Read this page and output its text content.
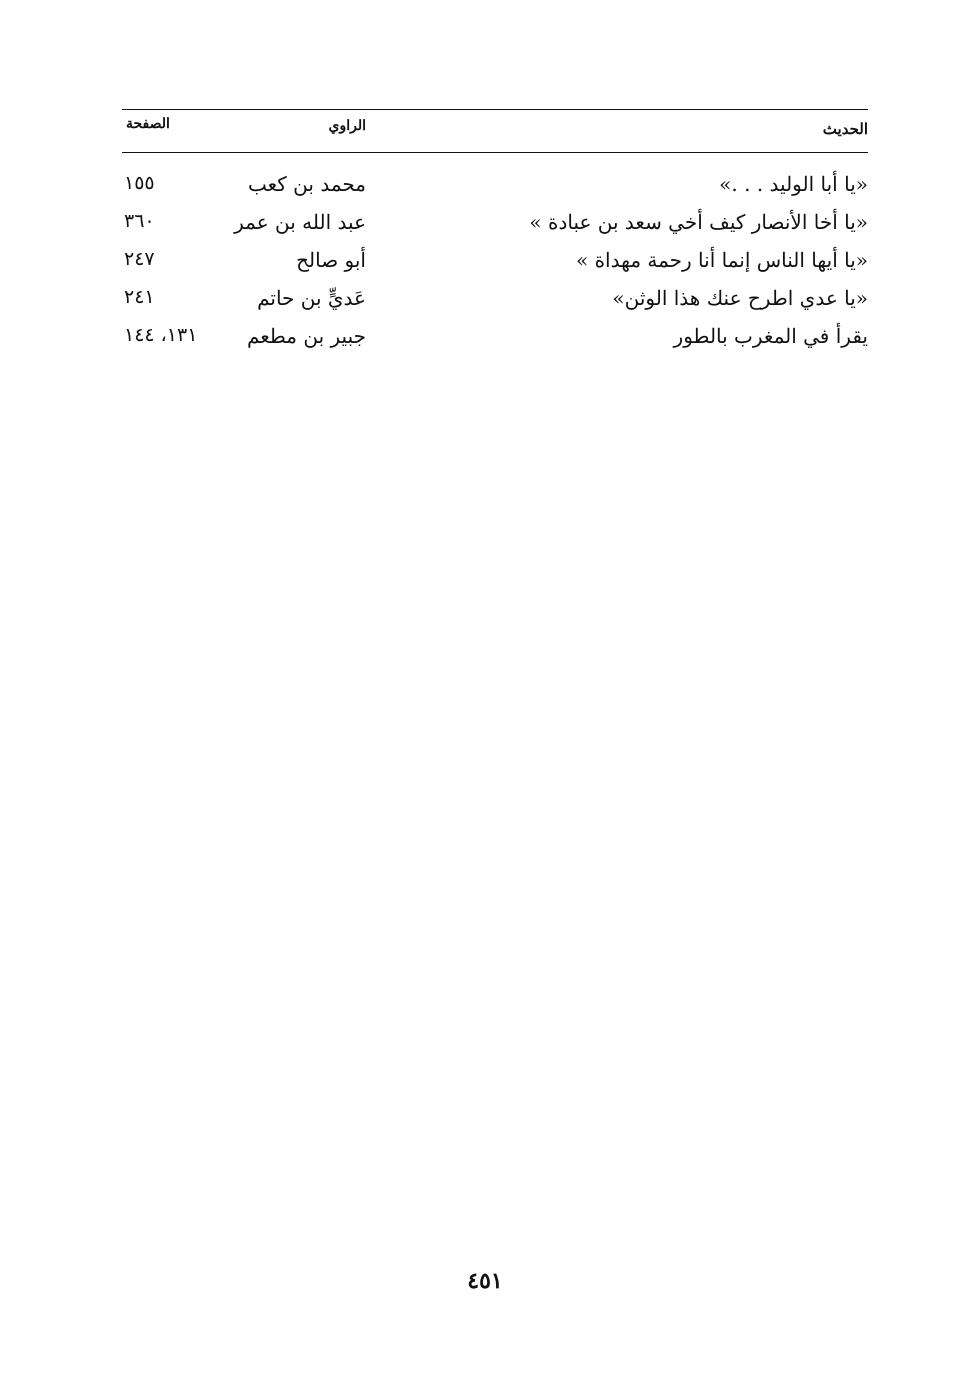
الحديث
الراوي
الصفحة
«يا أبا الوليد . . .»
محمد بن كعب
١٥٥
«يا أخا الأنصار كيف أخي سعد بن عبادة »
عبد الله بن عمر
٣٦٠
«يا أيها الناس إنما أنا رحمة مهداة »
أبو صالح
٢٤٧
«يا عدي اطرح عنك هذا الوثن»
عَديٍّ بن حاتم
٢٤١
يقرأ في المغرب بالطور
جبير بن مطعم
١٣١، ١٤٤
٤٥١
